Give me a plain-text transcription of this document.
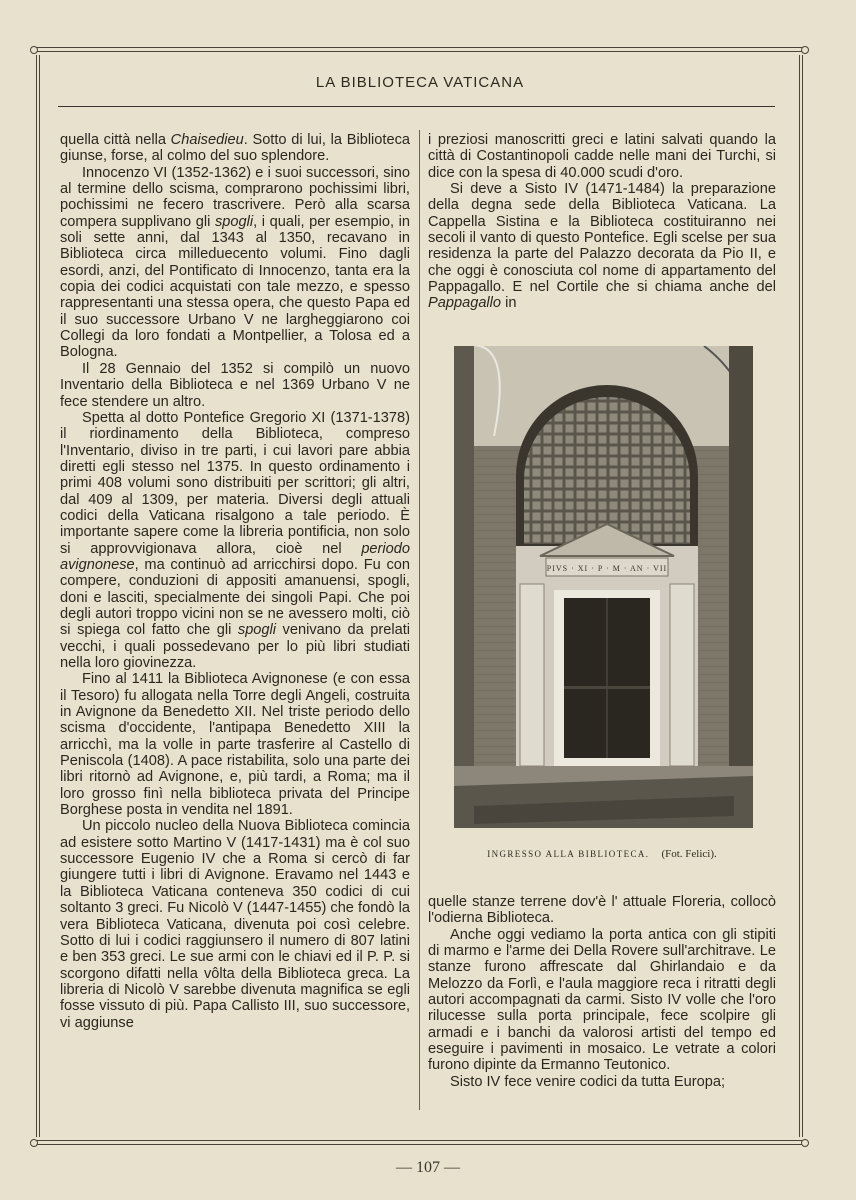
LA BIBLIOTECA VATICANA

quella città nella Chaisedieu. Sotto di lui, la Biblioteca giunse, forse, al colmo del suo splendore.

Innocenzo VI (1352-1362) e i suoi successori, sino al termine dello scisma, comprarono pochissimi libri, pochissimi ne fecero trascrivere. Però alla scarsa compera supplivano gli spogli, i quali, per esempio, in soli sette anni, dal 1343 al 1350, recavano in Biblioteca circa milleduecento volumi. Fino dagli esordi, anzi, del Pontificato di Innocenzo, tanta era la copia dei codici acquistati con tale mezzo, e spesso rappresentanti una stessa opera, che questo Papa ed il suo successore Urbano V ne largheggiarono coi Collegi da loro fondati a Montpellier, a Tolosa ed a Bologna.

Il 28 Gennaio del 1352 si compilò un nuovo Inventario della Biblioteca e nel 1369 Urbano V ne fece stendere un altro.

Spetta al dotto Pontefice Gregorio XI (1371-1378) il riordinamento della Biblioteca, compreso l'Inventario, diviso in tre parti, i cui lavori pare abbia diretti egli stesso nel 1375. In questo ordinamento i primi 408 volumi sono distribuiti per scrittori; gli altri, dal 409 al 1309, per materia. Diversi degli attuali codici della Vaticana risalgono a tale periodo. È importante sapere come la libreria pontificia, non solo si approvvigionava allora, cioè nel periodo avignonese, ma continuò ad arricchirsi dopo. Fu con compere, conduzioni di appositi amanuensi, spogli, doni e lasciti, specialmente dei singoli Papi. Che poi degli autori troppo vicini non se ne avessero molti, ciò si spiega col fatto che gli spogli venivano da prelati vecchi, i quali possedevano per lo più libri studiati nella loro giovinezza.

Fino al 1411 la Biblioteca Avignonese (e con essa il Tesoro) fu allogata nella Torre degli Angeli, costruita in Avignone da Benedetto XII. Nel triste periodo dello scisma d'occidente, l'antipapa Benedetto XIII la arricchì, ma la volle in parte trasferire al Castello di Peniscola (1408). A pace ristabilita, solo una parte dei libri ritornò ad Avignone, e, più tardi, a Roma; ma il loro grosso finì nella biblioteca privata del Principe Borghese posta in vendita nel 1891.

Un piccolo nucleo della Nuova Biblioteca comincia ad esistere sotto Martino V (1417-1431) ma è col suo successore Eugenio IV che a Roma si cercò di far giungere tutti i libri di Avignone. Eravamo nel 1443 e la Biblioteca Vaticana conteneva 350 codici di cui soltanto 3 greci. Fu Nicolò V (1447-1455) che fondò la vera Biblioteca Vaticana, divenuta poi così celebre. Sotto di lui i codici raggiunsero il numero di 807 latini e ben 353 greci. Le sue armi con le chiavi ed il P. P. si scorgono difatti nella vôlta della Biblioteca greca. La libreria di Nicolò V sarebbe divenuta magnifica se egli fosse vissuto di più. Papa Callisto III, suo successore, vi aggiunse

i preziosi manoscritti greci e latini salvati quando la città di Costantinopoli cadde nelle mani dei Turchi, si dice con la spesa di 40.000 scudi d'oro.

Si deve a Sisto IV (1471-1484) la preparazione della degna sede della Biblioteca Vaticana. La Cappella Sistina e la Biblioteca costituiranno nei secoli il vanto di questo Pontefice. Egli scelse per sua residenza la parte del Palazzo decorata da Pio II, e che oggi è conosciuta col nome di appartamento del Pappagallo. E nel Cortile che si chiama anche del Pappagallo in

PIVS · XI · P · M · AN · VII
INGRESSO ALLA BIBLIOTECA. (Fot. Felici).

quelle stanze terrene dov'è l' attuale Floreria, collocò l'odierna Biblioteca.

Anche oggi vediamo la porta antica con gli stipiti di marmo e l'arme dei Della Rovere sull'architrave. Le stanze furono affrescate dal Ghirlandaio e da Melozzo da Forlì, e l'aula maggiore reca i ritratti degli autori accompagnati da carmi. Sisto IV volle che l'oro rilucesse sulla porta principale, fece scolpire gli armadi e i banchi da valorosi artisti del tempo ed eseguire i pavimenti in mosaico. Le vetrate a colori furono dipinte da Ermanno Teutonico.

Sisto IV fece venire codici da tutta Europa;

— 107 —
